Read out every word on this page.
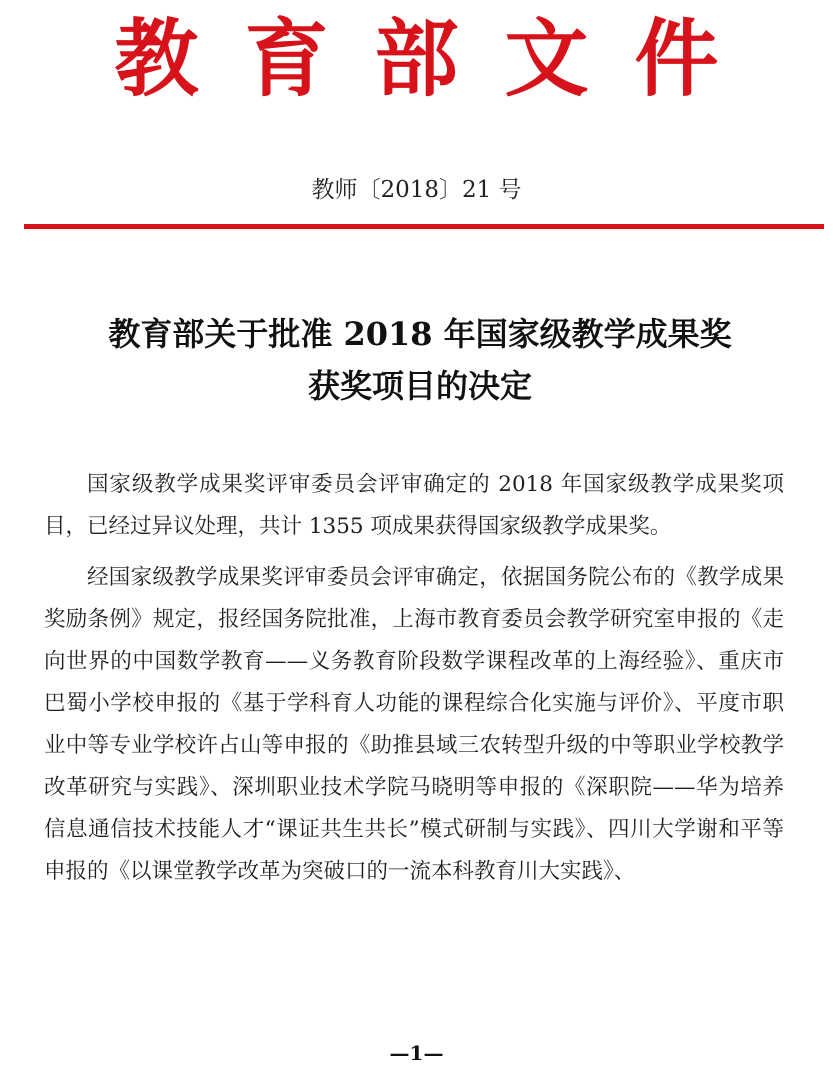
教育部文件
教师〔2018〕21 号
教育部关于批准 2018 年国家级教学成果奖
获奖项目的决定

国家级教学成果奖评审委员会评审确定的 2018 年国家级教学成果奖项目，已经过异议处理，共计 1355 项成果获得国家级教学成果奖。

经国家级教学成果奖评审委员会评审确定，依据国务院公布的《教学成果奖励条例》规定，报经国务院批准，上海市教育委员会教学研究室申报的《走向世界的中国数学教育——义务教育阶段数学课程改革的上海经验》、重庆市巴蜀小学校申报的《基于学科育人功能的课程综合化实施与评价》、平度市职业中等专业学校许占山等申报的《助推县域三农转型升级的中等职业学校教学改革研究与实践》、深圳职业技术学院马晓明等申报的《深职院——华为培养信息通信技术技能人才“课证共生共长”模式研制与实践》、四川大学谢和平等申报的《以课堂教学改革为突破口的一流本科教育川大实践》、

—1—
